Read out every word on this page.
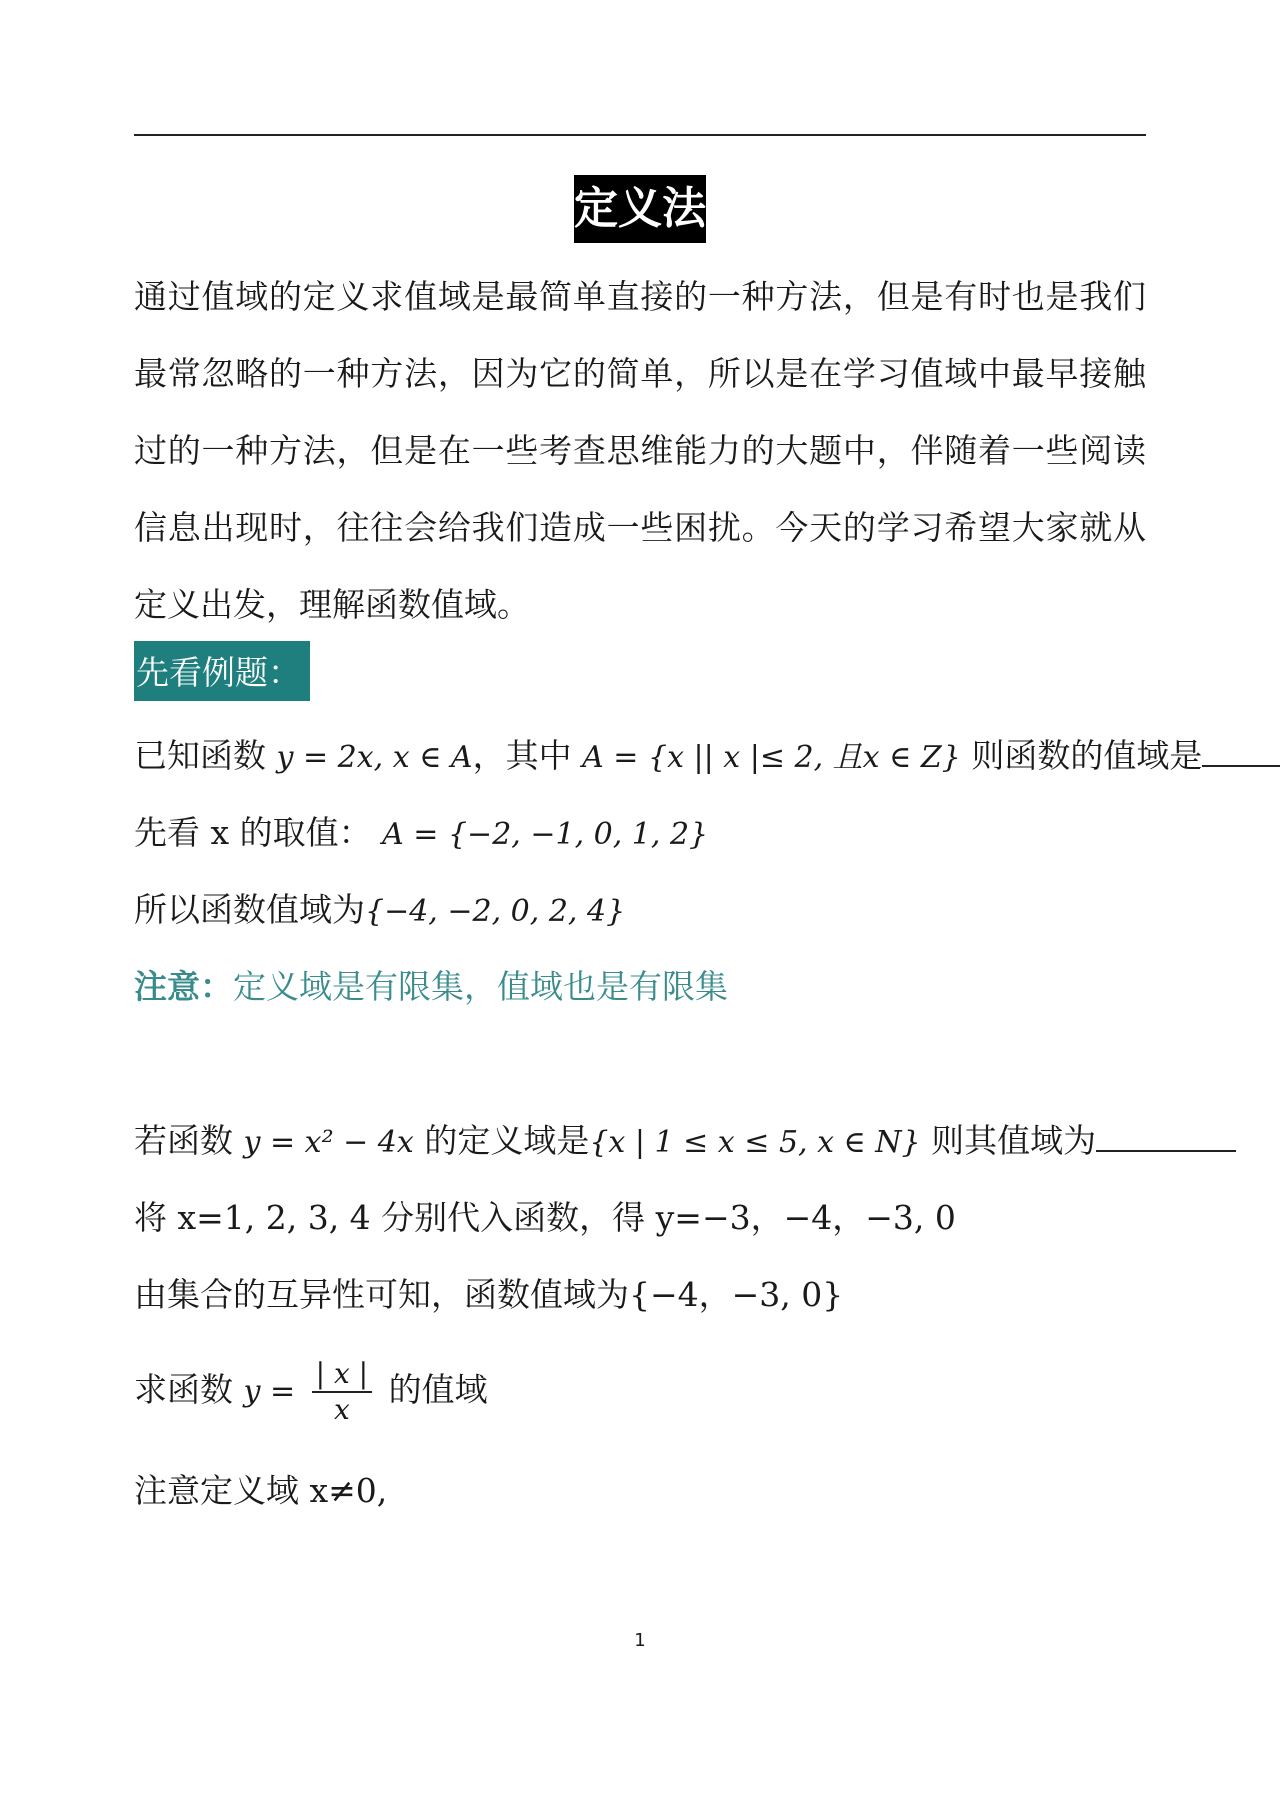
定义法
通过值域的定义求值域是最简单直接的一种方法，但是有时也是我们最常忽略的一种方法，因为它的简单，所以是在学习值域中最早接触过的一种方法，但是在一些考查思维能力的大题中，伴随着一些阅读信息出现时，往往会给我们造成一些困扰。今天的学习希望大家就从定义出发，理解函数值域。
先看例题：
已知函数 y = 2x, x ∈ A，其中 A = {x || x |≤ 2, 且x ∈ Z} 则函数的值域是
先看 x 的取值： A = {−2, −1, 0, 1, 2}
所以函数值域为{−4, −2, 0, 2, 4}
注意：定义域是有限集，值域也是有限集
若函数 y = x² − 4x 的定义域是{x | 1 ≤ x ≤ 5, x ∈ N} 则其值域为
将 x=1, 2, 3, 4 分别代入函数，得 y=−3，−4，−3, 0
由集合的互异性可知，函数值域为{−4，−3, 0}
求函数 $y = \frac{| x |}{x}$ 的值域
注意定义域 x≠0,
1
